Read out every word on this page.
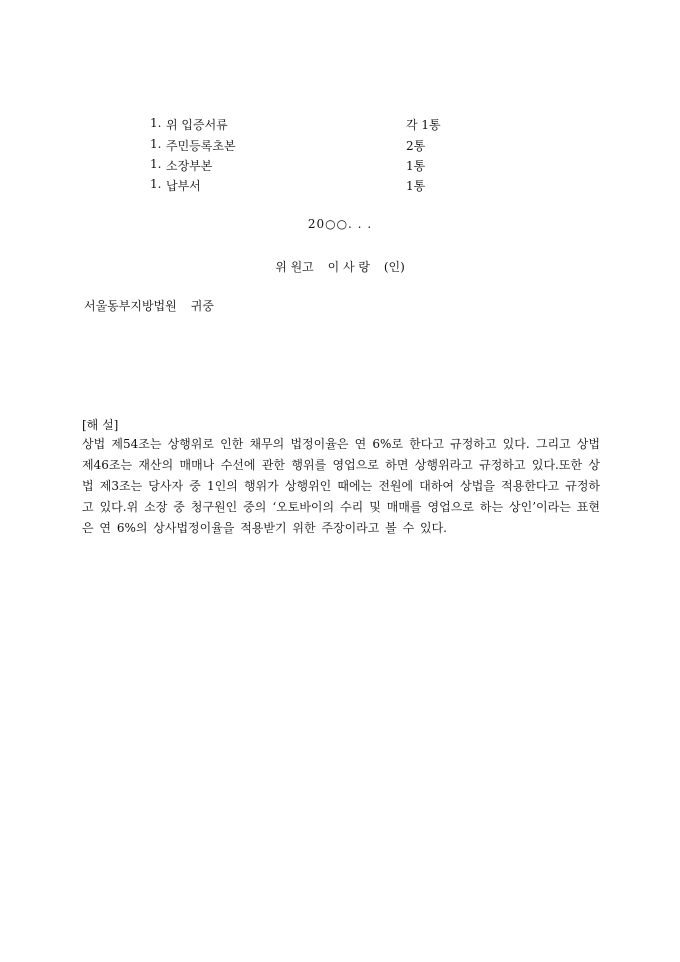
1. 위 입증서류	각 1통
1. 주민등록초본	2통
1. 소장부본	1통
1. 납부서	1통
20○○. . .
위 원고 이 사 랑 (인)
서울동부지방법원 귀중
[해 설]

상법 제54조는 상행위로 인한 채무의 법정이율은 연 6%로 한다고 규정하고 있다. 그리고 상법 제46조는 재산의 매매나 수선에 관한 행위를 영업으로 하면 상행위라고 규정하고 있다.또한 상법 제3조는 당사자 중 1인의 행위가 상행위인 때에는 전원에 대하여 상법을 적용한다고 규정하고 있다.위 소장 중 청구원인 중의 ‘오토바이의 수리 및 매매를 영업으로 하는 상인’이라는 표현은 연 6%의 상사법정이율을 적용받기 위한 주장이라고 볼 수 있다.
